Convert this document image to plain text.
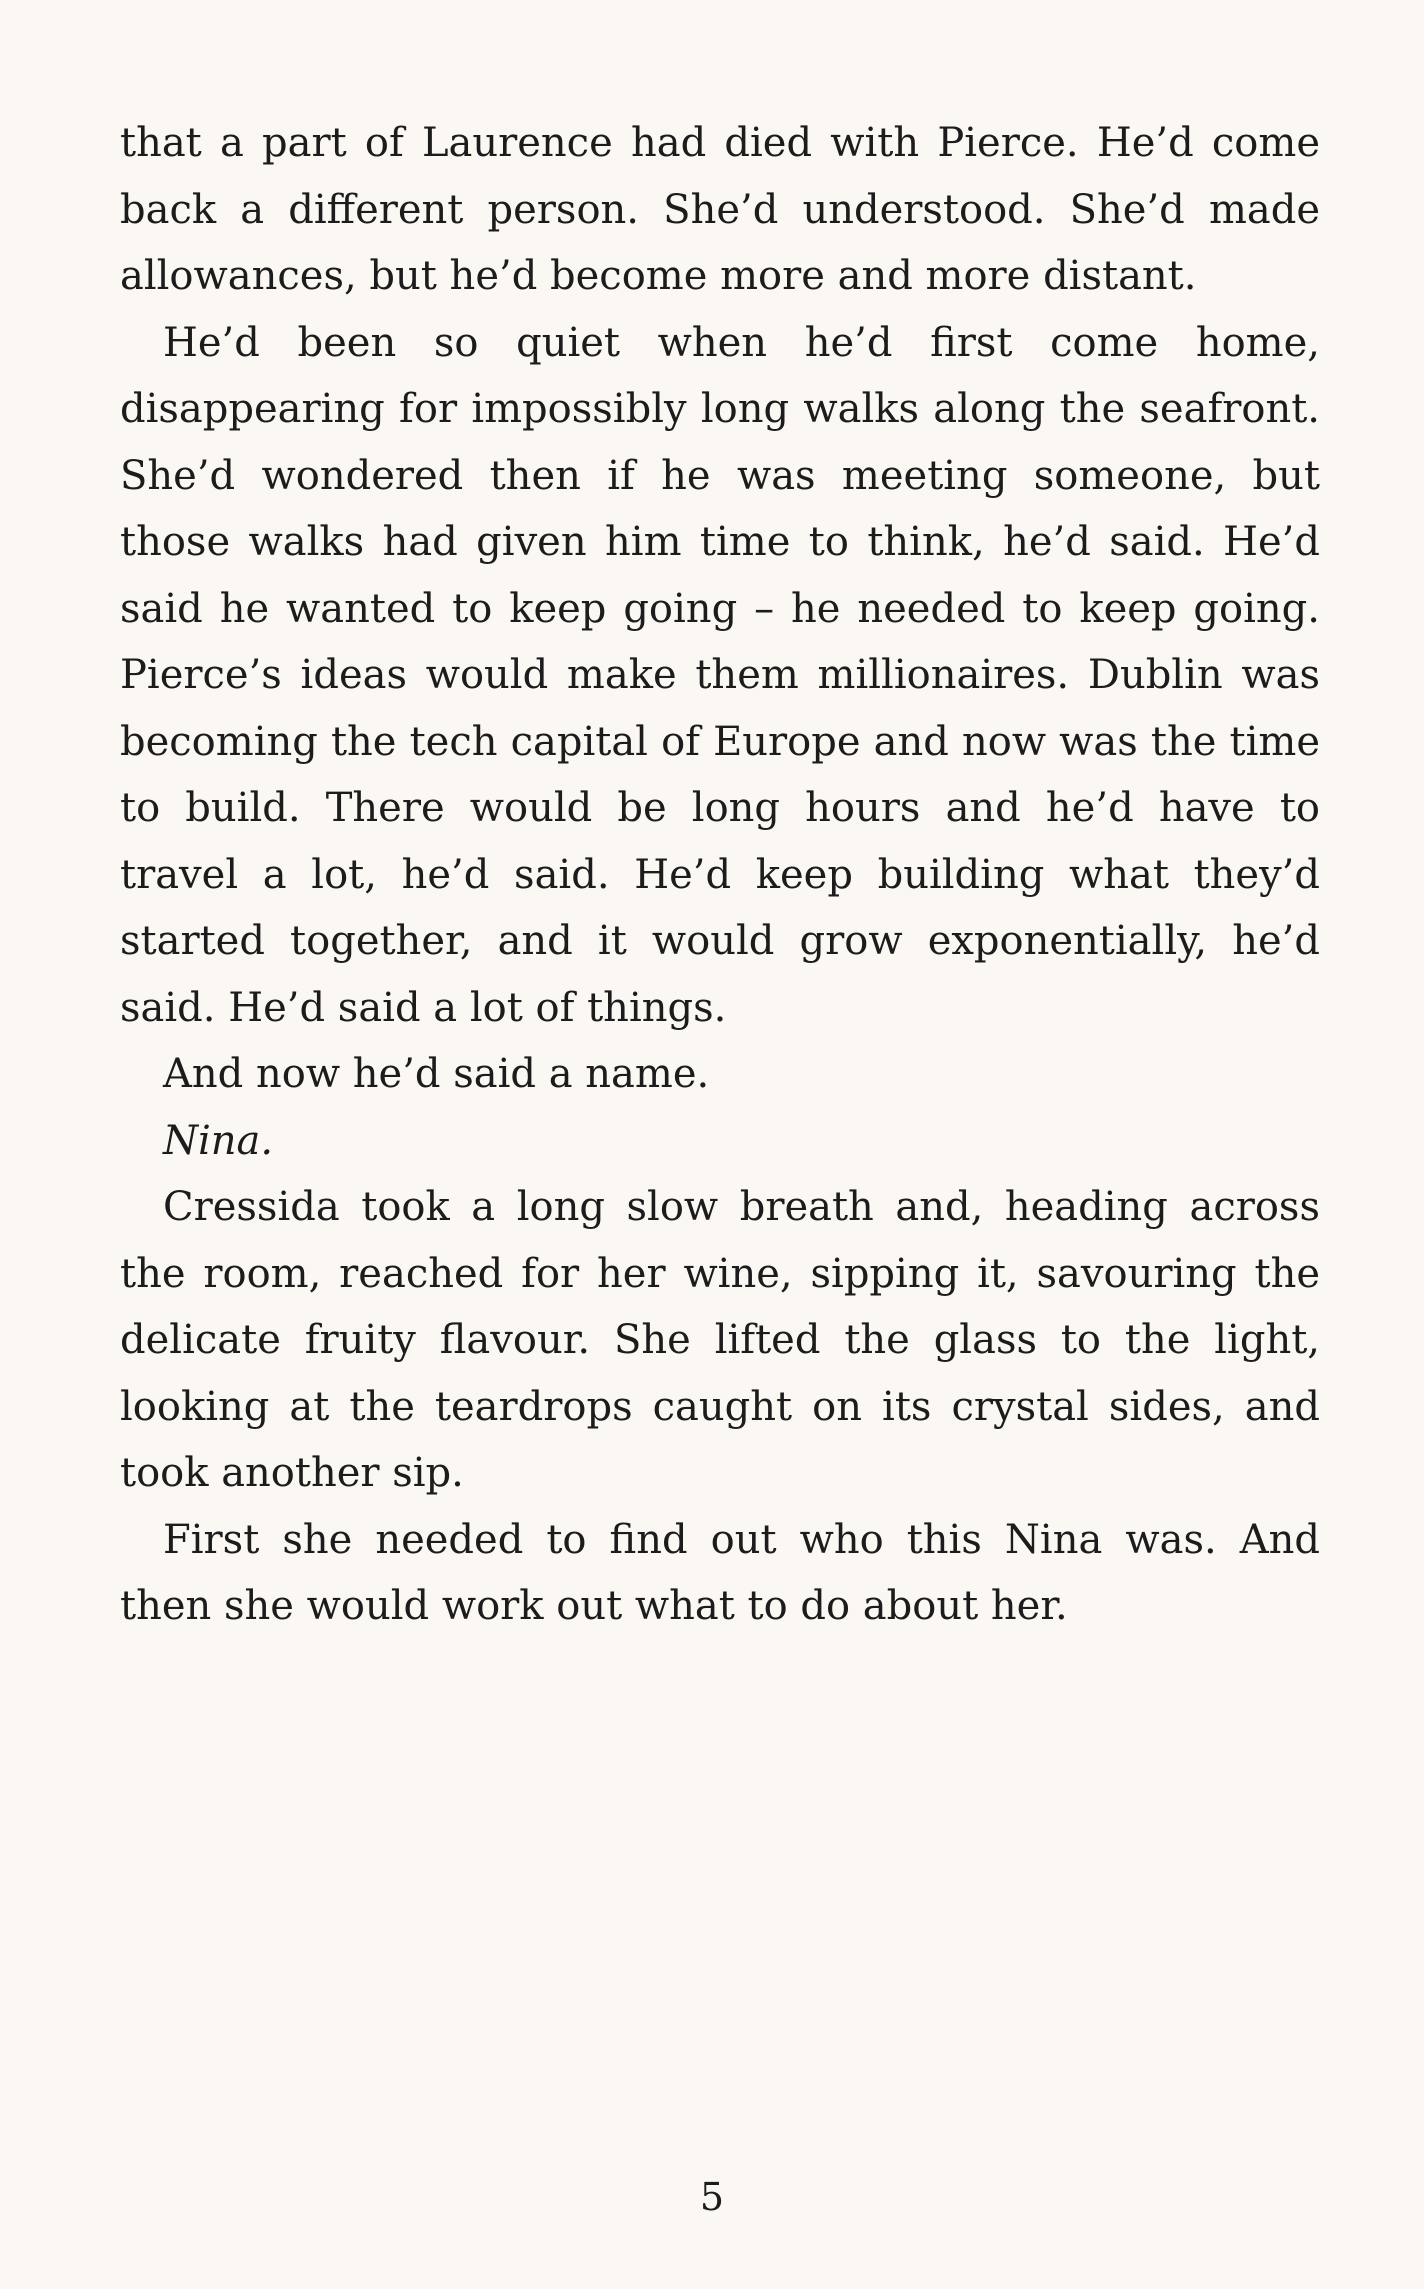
that a part of Laurence had died with Pierce. He’d come back a different person. She’d understood. She’d made allowances, but he’d become more and more distant.

He’d been so quiet when he’d first come home, disappearing for impossibly long walks along the seafront. She’d wondered then if he was meeting someone, but those walks had given him time to think, he’d said. He’d said he wanted to keep going – he needed to keep going. Pierce’s ideas would make them millionaires. Dublin was becoming the tech capital of Europe and now was the time to build. There would be long hours and he’d have to travel a lot, he’d said. He’d keep building what they’d started together, and it would grow exponentially, he’d said. He’d said a lot of things.

And now he’d said a name.

Nina.

Cressida took a long slow breath and, heading across the room, reached for her wine, sipping it, savouring the delicate fruity flavour. She lifted the glass to the light, looking at the teardrops caught on its crystal sides, and took another sip.

First she needed to find out who this Nina was. And then she would work out what to do about her.

5
